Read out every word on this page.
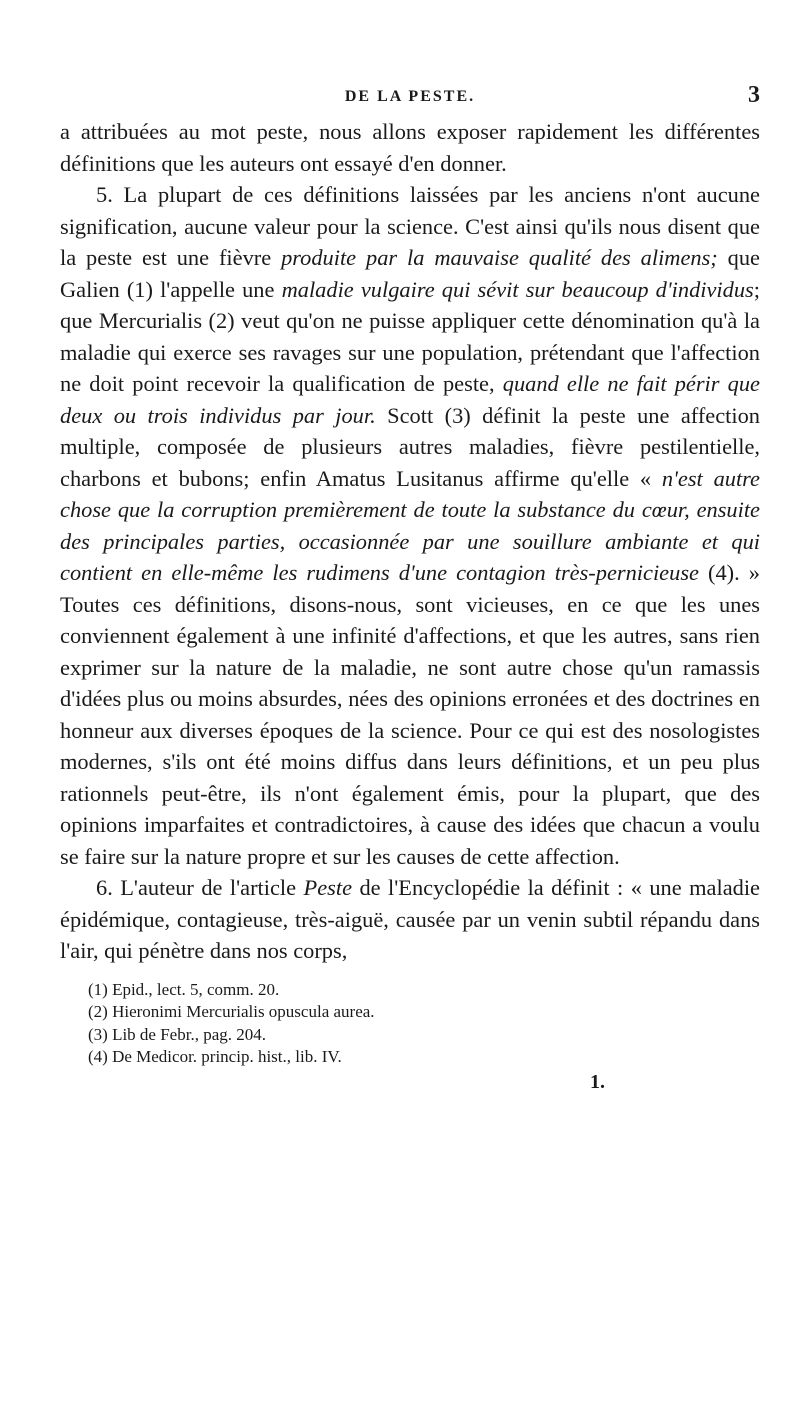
DE LA PESTE.	3

a attribuées au mot peste, nous allons exposer rapidement les différentes définitions que les auteurs ont essayé d'en donner.

5. La plupart de ces définitions laissées par les anciens n'ont aucune signification, aucune valeur pour la science. C'est ainsi qu'ils nous disent que la peste est une fièvre produite par la mauvaise qualité des alimens; que Galien (1) l'appelle une maladie vulgaire qui sévit sur beaucoup d'individus; que Mercurialis (2) veut qu'on ne puisse appliquer cette dénomination qu'à la maladie qui exerce ses ravages sur une population, prétendant que l'affection ne doit point recevoir la qualification de peste, quand elle ne fait périr que deux ou trois individus par jour. Scott (3) définit la peste une affection multiple, composée de plusieurs autres maladies, fièvre pestilentielle, charbons et bubons; enfin Amatus Lusitanus affirme qu'elle « n'est autre chose que la corruption premièrement de toute la substance du cœur, ensuite des principales parties, occasionnée par une souillure ambiante et qui contient en elle-même les rudimens d'une contagion très-pernicieuse (4). » Toutes ces définitions, disons-nous, sont vicieuses, en ce que les unes conviennent également à une infinité d'affections, et que les autres, sans rien exprimer sur la nature de la maladie, ne sont autre chose qu'un ramassis d'idées plus ou moins absurdes, nées des opinions erronées et des doctrines en honneur aux diverses époques de la science. Pour ce qui est des nosologistes modernes, s'ils ont été moins diffus dans leurs définitions, et un peu plus rationnels peut-être, ils n'ont également émis, pour la plupart, que des opinions imparfaites et contradictoires, à cause des idées que chacun a voulu se faire sur la nature propre et sur les causes de cette affection.

6. L'auteur de l'article Peste de l'Encyclopédie la définit : « une maladie épidémique, contagieuse, très-aiguë, causée par un venin subtil répandu dans l'air, qui pénètre dans nos corps,

(1) Epid., lect. 5, comm. 20.
(2) Hieronimi Mercurialis opuscula aurea.
(3) Lib de Febr., pag. 204.
(4) De Medicor. princip. hist., lib. IV.
1.
